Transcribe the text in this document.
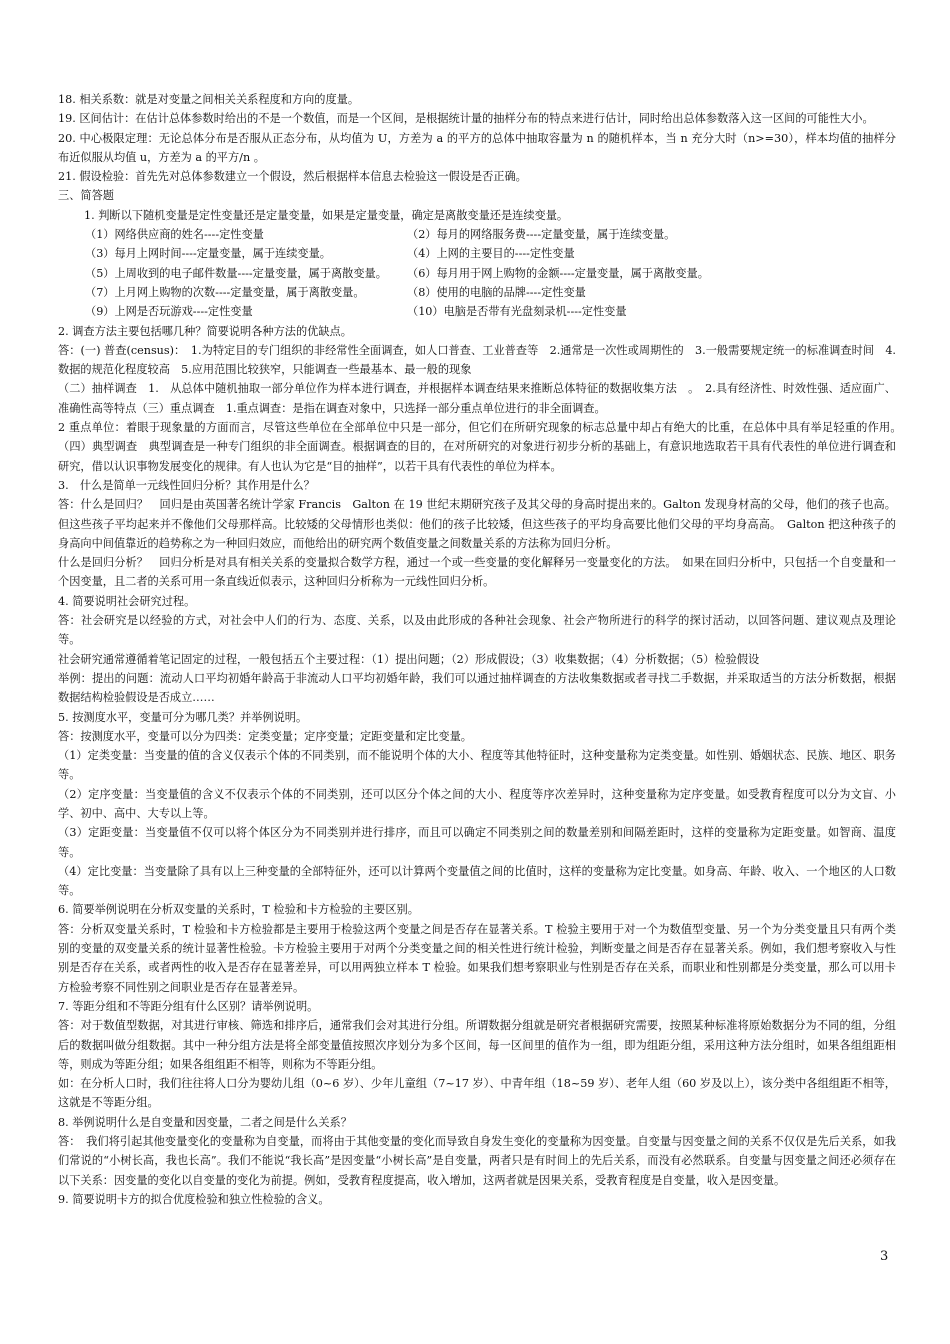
18. 相关系数：就是对变量之间相关关系程度和方向的度量。

19. 区间估计：在估计总体参数时给出的不是一个数值，而是一个区间，是根据统计量的抽样分布的特点来进行估计，同时给出总体参数落入这一区间的可能性大小。

20. 中心极限定理：无论总体分布是否服从正态分布，从均值为 U，方差为 a 的平方的总体中抽取容量为 n 的随机样本，当 n 充分大时（n>=30），样本均值的抽样分布近似服从均值 u，方差为 a 的平方/n 。

21. 假设检验：首先先对总体参数建立一个假设，然后根据样本信息去检验这一假设是否正确。

三、简答题

1. 判断以下随机变量是定性变量还是定量变量，如果是定量变量，确定是离散变量还是连续变量。

（1）网络供应商的姓名----定性变量	（2）每月的网络服务费----定量变量，属于连续变量。
（3）每月上网时间----定量变量，属于连续变量。	（4）上网的主要目的----定性变量
（5）上周收到的电子邮件数量----定量变量，属于离散变量。	（6）每月用于网上购物的金额----定量变量，属于离散变量。
（7）上月网上购物的次数----定量变量，属于离散变量。	（8）使用的电脑的品牌----定性变量
（9）上网是否玩游戏----定性变量	（10）电脑是否带有光盘刻录机----定性变量

2. 调查方法主要包括哪几种？简要说明各种方法的优缺点。

答：(一) 普查(census)：　1.为特定目的专门组织的非经常性全面调查，如人口普查、工业普查等　2.通常是一次性或周期性的　3.一般需要规定统一的标准调查时间　4.数据的规范化程度较高　5.应用范围比较狭窄，只能调查一些最基本、最一般的现象

（二）抽样调查　1.　从总体中随机抽取一部分单位作为样本进行调查，并根据样本调查结果来推断总体特征的数据收集方法　。　2.具有经济性、时效性强、适应面广、准确性高等特点（三）重点调查　1.重点调查：是指在调查对象中，只选择一部分重点单位进行的非全面调查。

2 重点单位：着眼于现象量的方面而言，尽管这些单位在全部单位中只是一部分，但它们在所研究现象的标志总量中却占有绝大的比重，在总体中具有举足轻重的作用。　（四）典型调查　典型调查是一种专门组织的非全面调查。根据调查的目的，在对所研究的对象进行初步分析的基础上，有意识地选取若干具有代表性的单位进行调查和研究，借以认识事物发展变化的规律。有人也认为它是“目的抽样”，以若干具有代表性的单位为样本。

3.　什么是简单一元线性回归分析？其作用是什么？

答：什么是回归？　回归是由英国著名统计学家 Francis　Galton 在 19 世纪末期研究孩子及其父母的身高时提出来的。Galton 发现身材高的父母，他们的孩子也高。但这些孩子平均起来并不像他们父母那样高。比较矮的父母情形也类似：他们的孩子比较矮，但这些孩子的平均身高要比他们父母的平均身高高。　Galton 把这种孩子的身高向中间值靠近的趋势称之为一种回归效应，而他给出的研究两个数值变量之间数量关系的方法称为回归分析。

什么是回归分析？　回归分析是对具有相关关系的变量拟合数学方程，通过一个或一些变量的变化解释另一变量变化的方法。　如果在回归分析中，只包括一个自变量和一个因变量，且二者的关系可用一条直线近似表示，这种回归分析称为一元线性回归分析。

4. 简要说明社会研究过程。

答：社会研究是以经验的方式，对社会中人们的行为、态度、关系，以及由此形成的各种社会现象、社会产物所进行的科学的探讨活动，以回答问题、建议观点及理论等。

社会研究通常遵循着笔记固定的过程，一般包括五个主要过程：（1）提出问题；（2）形成假设；（3）收集数据；（4）分析数据；（5）检验假设

举例：提出的问题：流动人口平均初婚年龄高于非流动人口平均初婚年龄，我们可以通过抽样调查的方法收集数据或者寻找二手数据，并采取适当的方法分析数据，根据数据结构检验假设是否成立……

5. 按测度水平，变量可分为哪几类？并举例说明。

答：按测度水平，变量可以分为四类：定类变量；定序变量；定距变量和定比变量。

（1）定类变量：当变量的值的含义仅表示个体的不同类别，而不能说明个体的大小、程度等其他特征时，这种变量称为定类变量。如性别、婚姻状态、民族、地区、职务等。

（2）定序变量：当变量值的含义不仅表示个体的不同类别，还可以区分个体之间的大小、程度等序次差异时，这种变量称为定序变量。如受教育程度可以分为文盲、小学、初中、高中、大专以上等。

（3）定距变量：当变量值不仅可以将个体区分为不同类别并进行排序，而且可以确定不同类别之间的数量差别和间隔差距时，这样的变量称为定距变量。如智商、温度等。

（4）定比变量：当变量除了具有以上三种变量的全部特征外，还可以计算两个变量值之间的比值时，这样的变量称为定比变量。如身高、年龄、收入、一个地区的人口数等。

6. 简要举例说明在分析双变量的关系时，T 检验和卡方检验的主要区别。

答：分析双变量关系时，T 检验和卡方检验都是主要用于检验这两个变量之间是否存在显著关系。T 检验主要用于对一个为数值型变量、另一个为分类变量且只有两个类别的变量的双变量关系的统计显著性检验。卡方检验主要用于对两个分类变量之间的相关性进行统计检验，判断变量之间是否存在显著关系。例如，我们想考察收入与性别是否存在关系，或者两性的收入是否存在显著差异，可以用两独立样本 T 检验。如果我们想考察职业与性别是否存在关系，而职业和性别都是分类变量，那么可以用卡方检验考察不同性别之间职业是否存在显著差异。

7. 等距分组和不等距分组有什么区别？请举例说明。

答：对于数值型数据，对其进行审核、筛选和排序后，通常我们会对其进行分组。所谓数据分组就是研究者根据研究需要，按照某种标准将原始数据分为不同的组，分组后的数据叫做分组数据。其中一种分组方法是将全部变量值按照次序划分为多个区间，每一区间里的值作为一组，即为组距分组，采用这种方法分组时，如果各组组距相等，则成为等距分组；如果各组组距不相等，则称为不等距分组。

如：在分析人口时，我们往往将人口分为婴幼儿组（0~6 岁）、少年儿童组（7~17 岁）、中青年组（18~59 岁）、老年人组（60 岁及以上），该分类中各组组距不相等，这就是不等距分组。

8. 举例说明什么是自变量和因变量，二者之间是什么关系？

答：　我们将引起其他变量变化的变量称为自变量，而将由于其他变量的变化而导致自身发生变化的变量称为因变量。自变量与因变量之间的关系不仅仅是先后关系，如我们常说的“小树长高，我也长高”。我们不能说“我长高”是因变量“小树长高”是自变量，两者只是有时间上的先后关系，而没有必然联系。自变量与因变量之间还必须存在以下关系：因变量的变化以自变量的变化为前提。例如，受教育程度提高，收入增加，这两者就是因果关系，受教育程度是自变量，收入是因变量。

9. 简要说明卡方的拟合优度检验和独立性检验的含义。

3
